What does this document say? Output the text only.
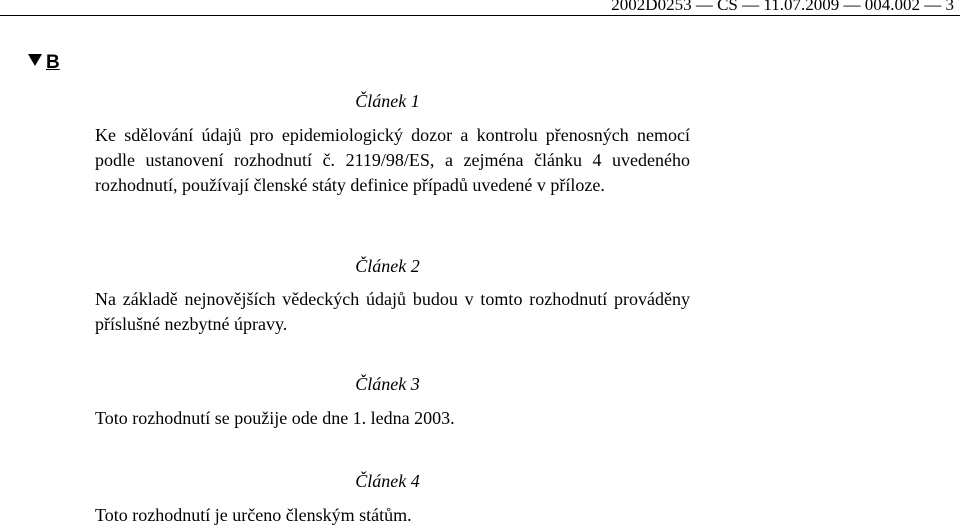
2002D0253 — CS — 11.07.2009 — 004.002 — 3
B
Článek 1
Ke sdělování údajů pro epidemiologický dozor a kontrolu přenosných nemocí podle ustanovení rozhodnutí č. 2119/98/ES, a zejména článku 4 uvedeného rozhodnutí, používají členské státy definice případů uvedené v příloze.
Článek 2
Na základě nejnovějších vědeckých údajů budou v tomto rozhodnutí prováděny příslušné nezbytné úpravy.
Článek 3
Toto rozhodnutí se použije ode dne 1. ledna 2003.
Článek 4
Toto rozhodnutí je určeno členským státům.
